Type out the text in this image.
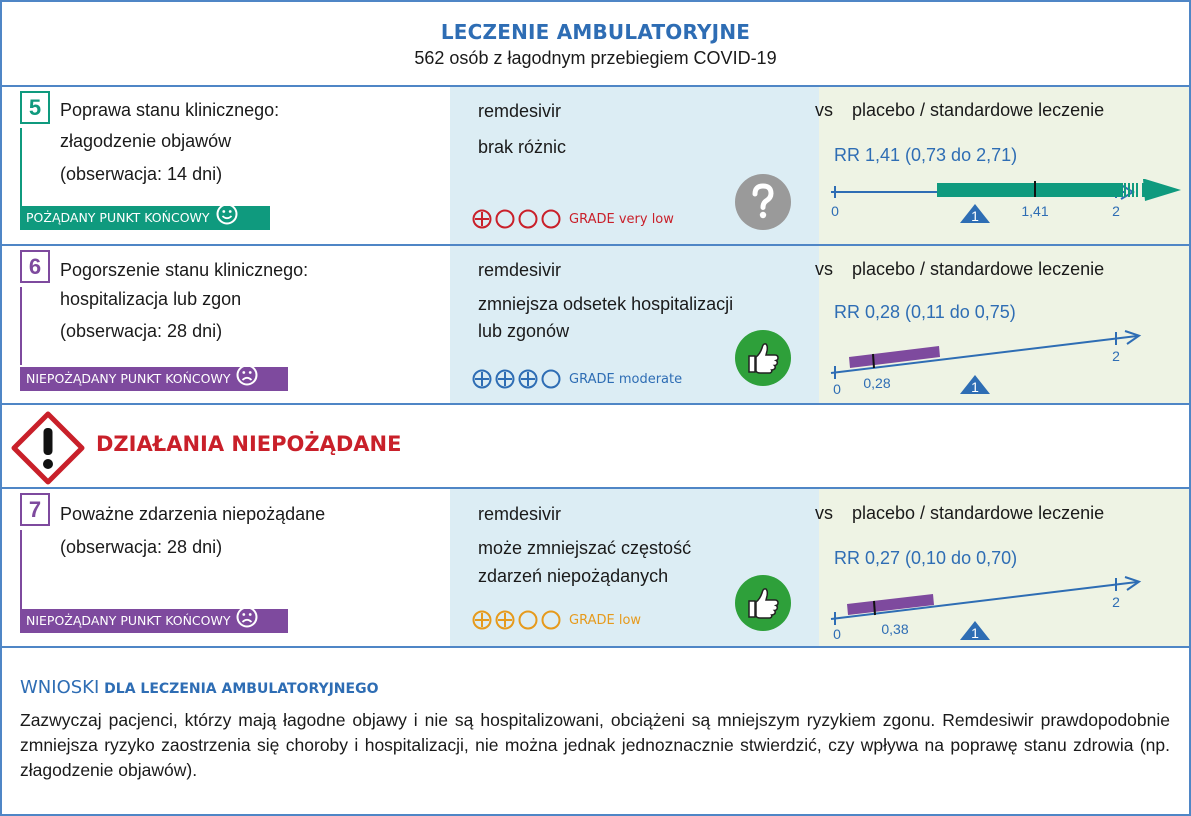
LECZENIE AMBULATORYJNE
562 osób z łagodnym przebiegiem COVID-19
5	Poprawa stanu klinicznego:
złagodzenie objawów
(obserwacja: 14 dni)
POŻĄDANY PUNKT KOŃCOWY
remdesivir
brak różnic
GRADE very low
vs placebo / standardowe leczenie
RR 1,41 (0,73 do 2,71)
1
0	2
1,41
6	Pogorszenie stanu klinicznego:
hospitalizacja lub zgon
(obserwacja: 28 dni)
NIEPOŻĄDANY PUNKT KOŃCOWY
remdesivir
zmniejsza odsetek hospitalizacji
lub zgonów
GRADE moderate
vs placebo / standardowe leczenie
RR 0,28 (0,11 do 0,75)
1
0
2
0,28
DZIAŁANIA NIEPOŻĄDANE
7	Poważne zdarzenia niepożądane
(obserwacja: 28 dni)
NIEPOŻĄDANY PUNKT KOŃCOWY
remdesivir
może zmniejszać częstość
zdarzeń niepożądanych
GRADE low
vs placebo / standardowe leczenie
RR 0,27 (0,10 do 0,70)
1
0
2
0,38
WNIOSKI DLA LECZENIA AMBULATORYJNEGO
Zazwyczaj pacjenci, którzy mają łagodne objawy i nie są hospitalizowani, obciążeni są mniejszym ryzykiem zgonu. Remdesiwir prawdopodobnie zmniejsza ryzyko zaostrzenia się choroby i hospitalizacji, nie można jednak jednoznacznie stwierdzić, czy wpływa na poprawę stanu zdrowia (np. złagodzenie objawów).
